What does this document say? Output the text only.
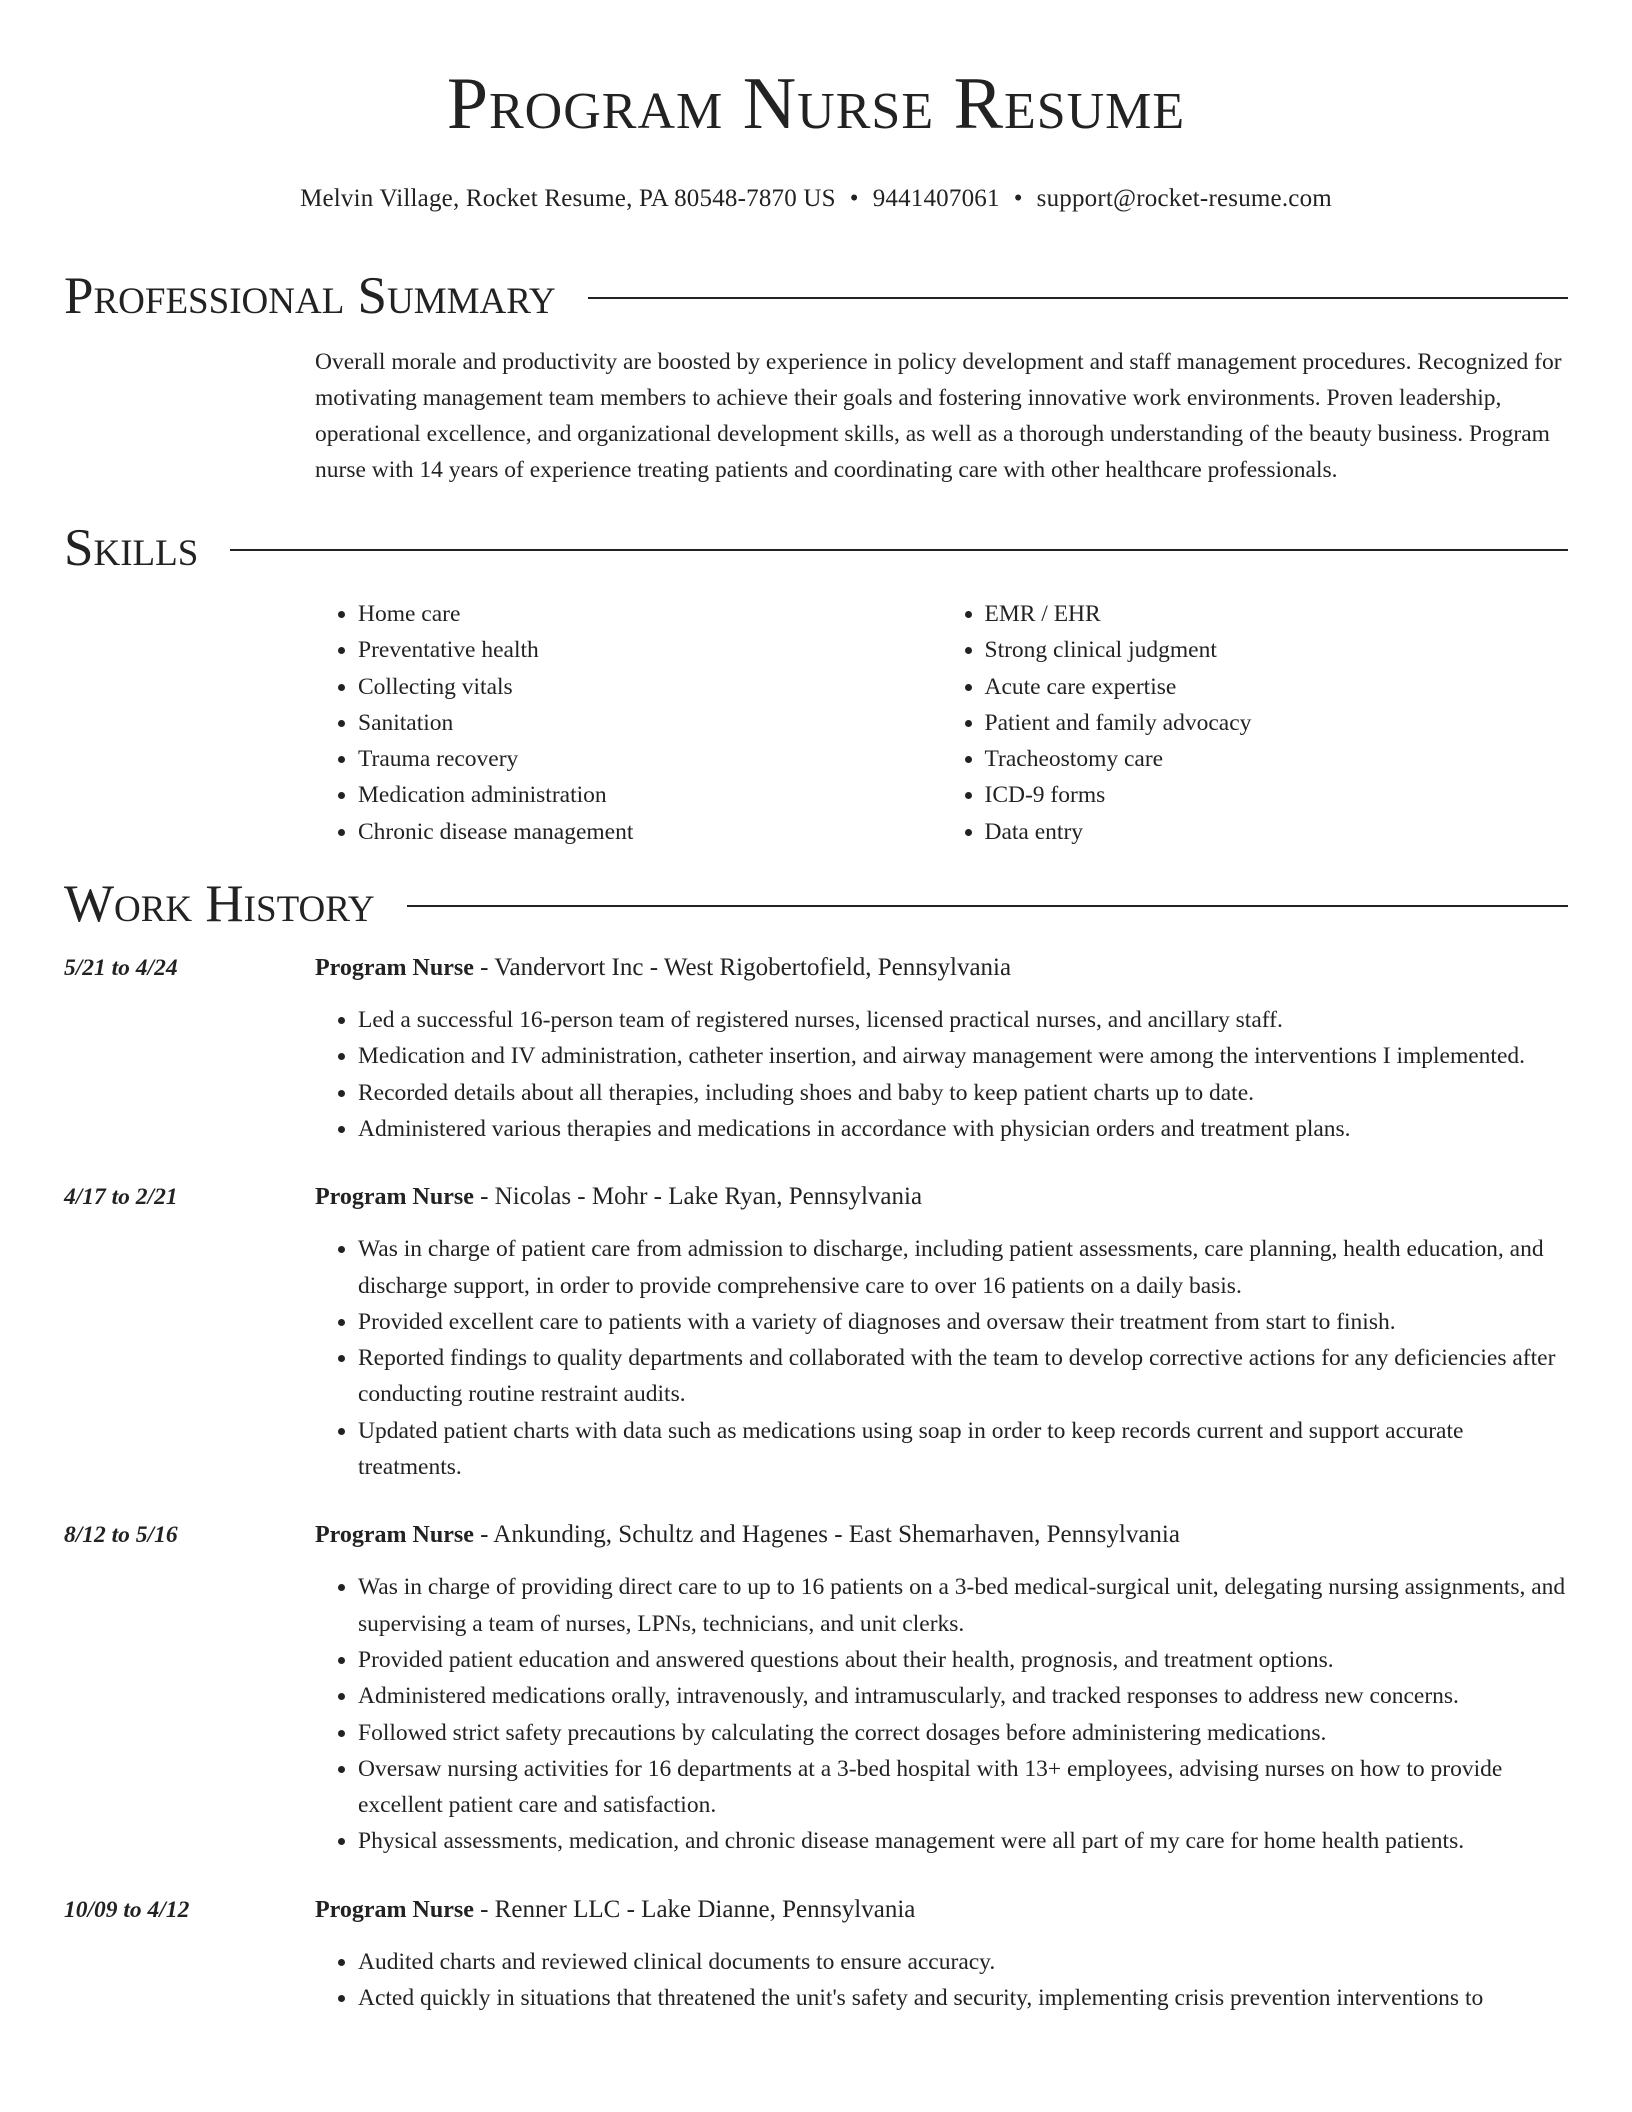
Program Nurse Resume
Melvin Village, Rocket Resume, PA 80548-7870 US • 9441407061 • support@rocket-resume.com
Professional Summary
Overall morale and productivity are boosted by experience in policy development and staff management procedures. Recognized for motivating management team members to achieve their goals and fostering innovative work environments. Proven leadership, operational excellence, and organizational development skills, as well as a thorough understanding of the beauty business. Program nurse with 14 years of experience treating patients and coordinating care with other healthcare professionals.
Skills
• Home care
• Preventative health
• Collecting vitals
• Sanitation
• Trauma recovery
• Medication administration
• Chronic disease management
• EMR / EHR
• Strong clinical judgment
• Acute care expertise
• Patient and family advocacy
• Tracheostomy care
• ICD-9 forms
• Data entry
Work History
5/21 to 4/24	Program Nurse - Vandervort Inc - West Rigobertofield, Pennsylvania
• Led a successful 16-person team of registered nurses, licensed practical nurses, and ancillary staff.
• Medication and IV administration, catheter insertion, and airway management were among the interventions I implemented.
• Recorded details about all therapies, including shoes and baby to keep patient charts up to date.
• Administered various therapies and medications in accordance with physician orders and treatment plans.
4/17 to 2/21	Program Nurse - Nicolas - Mohr - Lake Ryan, Pennsylvania
• Was in charge of patient care from admission to discharge, including patient assessments, care planning, health education, and discharge support, in order to provide comprehensive care to over 16 patients on a daily basis.
• Provided excellent care to patients with a variety of diagnoses and oversaw their treatment from start to finish.
• Reported findings to quality departments and collaborated with the team to develop corrective actions for any deficiencies after conducting routine restraint audits.
• Updated patient charts with data such as medications using soap in order to keep records current and support accurate treatments.
8/12 to 5/16	Program Nurse - Ankunding, Schultz and Hagenes - East Shemarhaven, Pennsylvania
• Was in charge of providing direct care to up to 16 patients on a 3-bed medical-surgical unit, delegating nursing assignments, and supervising a team of nurses, LPNs, technicians, and unit clerks.
• Provided patient education and answered questions about their health, prognosis, and treatment options.
• Administered medications orally, intravenously, and intramuscularly, and tracked responses to address new concerns.
• Followed strict safety precautions by calculating the correct dosages before administering medications.
• Oversaw nursing activities for 16 departments at a 3-bed hospital with 13+ employees, advising nurses on how to provide excellent patient care and satisfaction.
• Physical assessments, medication, and chronic disease management were all part of my care for home health patients.
10/09 to 4/12	Program Nurse - Renner LLC - Lake Dianne, Pennsylvania
• Audited charts and reviewed clinical documents to ensure accuracy.
• Acted quickly in situations that threatened the unit's safety and security, implementing crisis prevention interventions to
